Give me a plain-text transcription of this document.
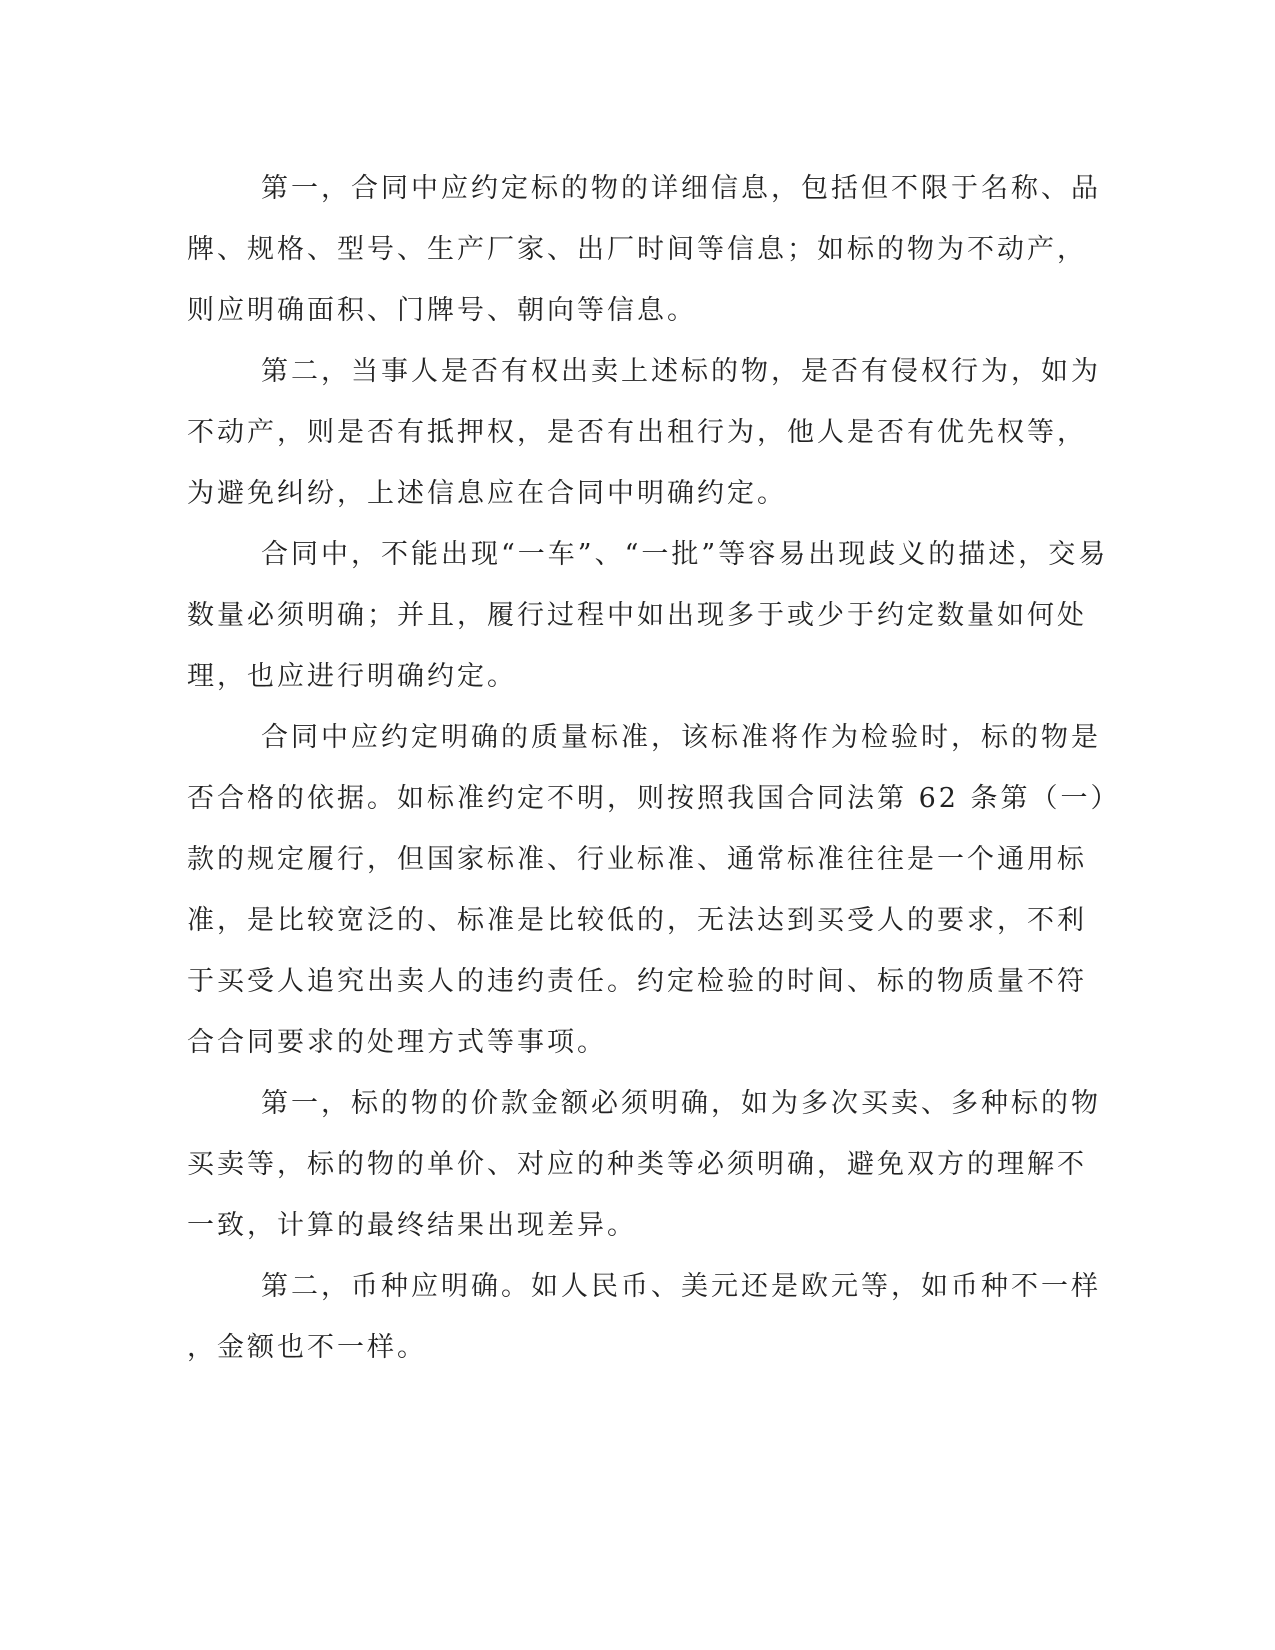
第一，合同中应约定标的物的详细信息，包括但不限于名称、品
牌、规格、型号、生产厂家、出厂时间等信息；如标的物为不动产，
则应明确面积、门牌号、朝向等信息。

第二，当事人是否有权出卖上述标的物，是否有侵权行为，如为
不动产，则是否有抵押权，是否有出租行为，他人是否有优先权等，
为避免纠纷，上述信息应在合同中明确约定。

合同中，不能出现“一车”、“一批”等容易出现歧义的描述，交易
数量必须明确；并且，履行过程中如出现多于或少于约定数量如何处
理，也应进行明确约定。

合同中应约定明确的质量标准，该标准将作为检验时，标的物是
否合格的依据。如标准约定不明，则按照我国合同法第 62 条第（一）
款的规定履行，但国家标准、行业标准、通常标准往往是一个通用标
准，是比较宽泛的、标准是比较低的，无法达到买受人的要求，不利
于买受人追究出卖人的违约责任。约定检验的时间、标的物质量不符
合合同要求的处理方式等事项。

第一，标的物的价款金额必须明确，如为多次买卖、多种标的物
买卖等，标的物的单价、对应的种类等必须明确，避免双方的理解不
一致，计算的最终结果出现差异。

第二，币种应明确。如人民币、美元还是欧元等，如币种不一样
，金额也不一样。
